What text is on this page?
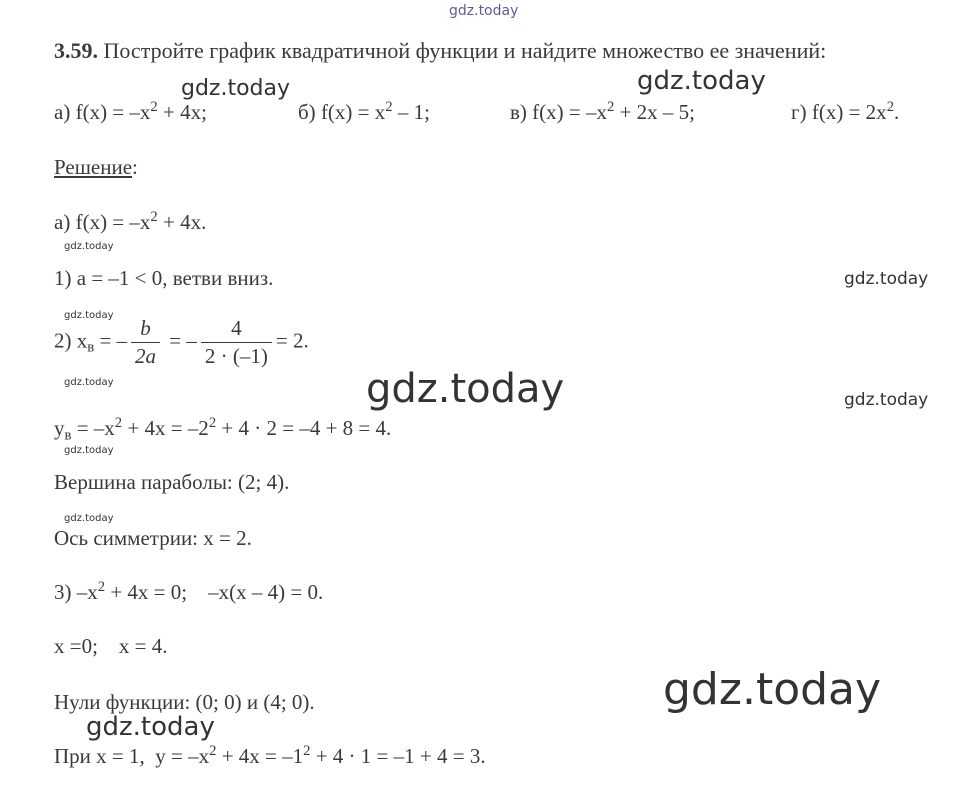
gdz.today
gdz.today	gdz.today
gdz.today
gdz.today
gdz.today
gdz.today
gdz.today
gdz.today
gdz.today
gdz.today
gdz.today
gdz.today
3.59. Постройте график квадратичной функции и найдите множество ее значений:
а) $f(x) = -x^2 + 4x$;	б) $f(x) = x^2 - 1$;	в) $f(x) = -x^2 + 2x - 5$;	г) $f(x) = 2x^2$.
Решение:
а) $f(x) = -x^2 + 4x$.
1) a = –1 < 0, ветви вниз.
2) $x_в$ = – $\frac{b}{2a}$ = – $\frac{4}{2 \cdot (-1)} = 2$.
$y_в = -x^2 + 4x = -2^2 + 4 \cdot 2 = -4 + 8 = 4$.
Вершина параболы: (2; 4).
Ось симметрии: x = 2.
3) $-x^2 + 4x = 0$;    –x(x – 4) = 0.
x =0;    x = 4.
Нули функции: (0; 0) и (4; 0).
При x = 1,  $y = -x^2 + 4x = -1^2 + 4 \cdot 1 = -1 + 4 = 3$.
